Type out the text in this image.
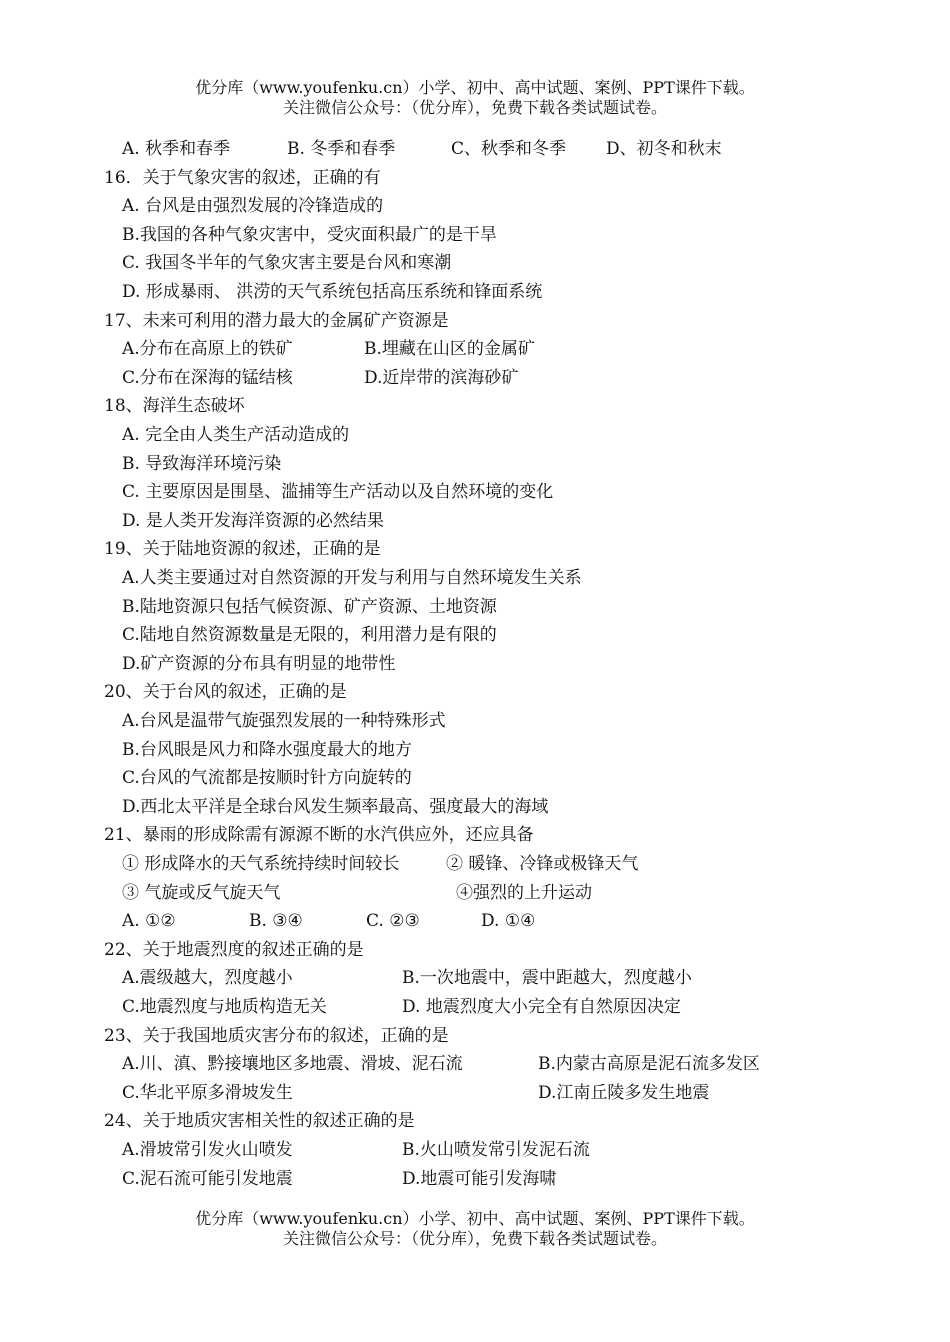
优分库（www.youfenku.cn）小学、初中、高中试题、案例、PPT课件下载。
关注微信公众号：（优分库），免费下载各类试题试卷。
A. 秋季和春季	B. 冬季和春季	C、秋季和冬季 D、初冬和秋末
16．关于气象灾害的叙述，正确的有
A. 台风是由强烈发展的冷锋造成的
B.我国的各种气象灾害中，受灾面积最广的是干旱
C. 我国冬半年的气象灾害主要是台风和寒潮
D. 形成暴雨、 洪涝的天气系统包括高压系统和锋面系统
17、未来可利用的潜力最大的金属矿产资源是
A.分布在高原上的铁矿	B.埋藏在山区的金属矿
C.分布在深海的锰结核	D.近岸带的滨海砂矿
18、海洋生态破坏
A. 完全由人类生产活动造成的
B. 导致海洋环境污染
C. 主要原因是围垦、滥捕等生产活动以及自然环境的变化
D. 是人类开发海洋资源的必然结果
19、关于陆地资源的叙述，正确的是
A.人类主要通过对自然资源的开发与利用与自然环境发生关系
B.陆地资源只包括气候资源、矿产资源、土地资源
C.陆地自然资源数量是无限的，利用潜力是有限的
D.矿产资源的分布具有明显的地带性
20、关于台风的叙述，正确的是
A.台风是温带气旋强烈发展的一种特殊形式
B.台风眼是风力和降水强度最大的地方
C.台风的气流都是按顺时针方向旋转的
D.西北太平洋是全球台风发生频率最高、强度最大的海域
21、暴雨的形成除需有源源不断的水汽供应外，还应具备
① 形成降水的天气系统持续时间较长	② 暖锋、冷锋或极锋天气
③ 气旋或反气旋天气	④强烈的上升运动
A. ①②	B. ③④	C. ②③	D. ①④
22、关于地震烈度的叙述正确的是
A.震级越大，烈度越小	B.一次地震中，震中距越大，烈度越小
C.地震烈度与地质构造无关	D. 地震烈度大小完全有自然原因决定
23、关于我国地质灾害分布的叙述，正确的是
A.川、滇、黔接壤地区多地震、滑坡、泥石流	B.内蒙古高原是泥石流多发区
C.华北平原多滑坡发生	D.江南丘陵多发生地震
24、关于地质灾害相关性的叙述正确的是
A.滑坡常引发火山喷发	B.火山喷发常引发泥石流
C.泥石流可能引发地震	D.地震可能引发海啸
优分库（www.youfenku.cn）小学、初中、高中试题、案例、PPT课件下载。
关注微信公众号：（优分库），免费下载各类试题试卷。
